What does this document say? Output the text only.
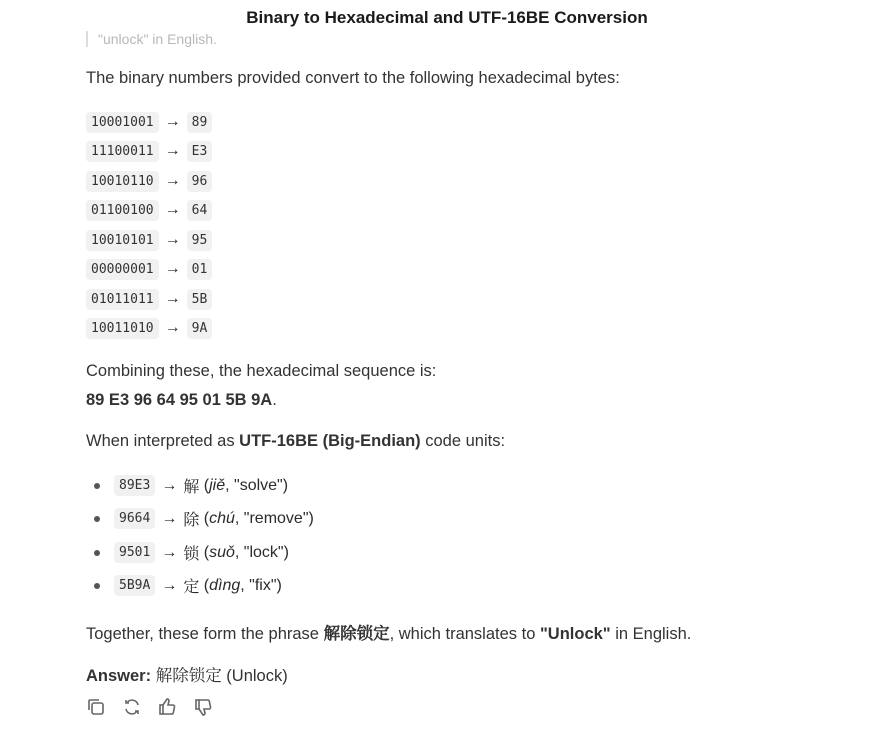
Binary to Hexadecimal and UTF-16BE Conversion
"unlock" in English.
The binary numbers provided convert to the following hexadecimal bytes:
10001001 → 89
11100011 → E3
10010110 → 96
01100100 → 64
10010101 → 95
00000001 → 01
01011011 → 5B
10011010 → 9A
Combining these, the hexadecimal sequence is:
89 E3 96 64 95 01 5B 9A.
When interpreted as UTF-16BE (Big-Endian) code units:
89E3 → 解 ( jiě , "solve")
9664 → 除 ( chú , "remove")
9501 → 锁 ( suǒ , "lock")
5B9A → 定 ( dìng , "fix")
Together, these form the phrase 解除锁定, which translates to "Unlock" in English.
Answer: 解除锁定 (Unlock)
